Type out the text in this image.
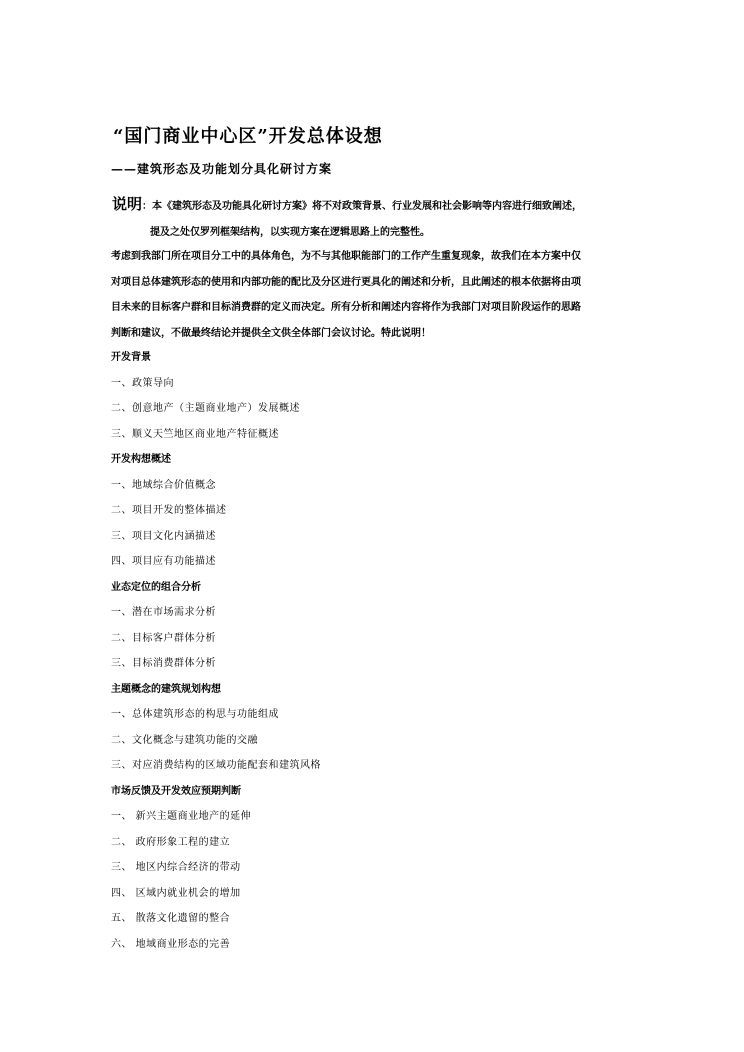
“国门商业中心区”开发总体设想
——建筑形态及功能划分具化研讨方案
说明：本《建筑形态及功能具化研讨方案》将不对政策背景、行业发展和社会影响等内容进行细致阐述，
提及之处仅罗列框架结构，以实现方案在逻辑思路上的完整性。
考虑到我部门所在项目分工中的具体角色，为不与其他职能部门的工作产生重复现象，故我们在本方案中仅
对项目总体建筑形态的使用和内部功能的配比及分区进行更具化的阐述和分析，且此阐述的根本依据将由项
目未来的目标客户群和目标消费群的定义而决定。所有分析和阐述内容将作为我部门对项目阶段运作的思路
判断和建议，不做最终结论并提供全文供全体部门会议讨论。特此说明！
开发背景
一、政策导向
二、创意地产（主题商业地产）发展概述
三、顺义天竺地区商业地产特征概述
开发构想概述
一、地域综合价值概念
二、项目开发的整体描述
三、项目文化内涵描述
四、项目应有功能描述
业态定位的组合分析
一、潜在市场需求分析
二、目标客户群体分析
三、目标消费群体分析
主题概念的建筑规划构想
一、总体建筑形态的构思与功能组成
二、文化概念与建筑功能的交融
三、对应消费结构的区域功能配套和建筑风格
市场反馈及开发效应预期判断
一、 新兴主题商业地产的延伸
二、 政府形象工程的建立
三、 地区内综合经济的带动
四、 区域内就业机会的增加
五、 散落文化遗留的整合
六、 地域商业形态的完善
